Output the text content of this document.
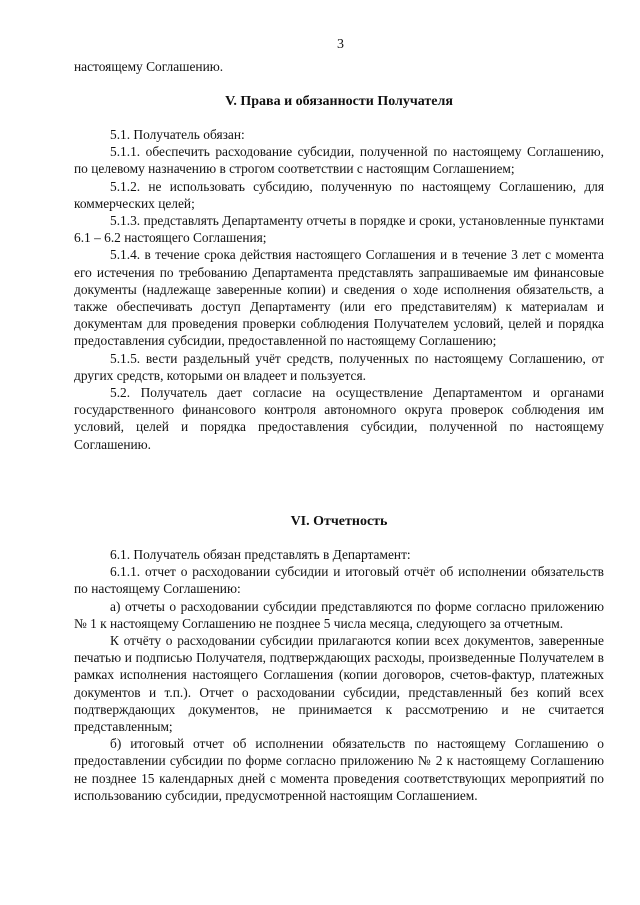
3

настоящему Соглашению.

V. Права и обязанности Получателя

5.1. Получатель обязан:

5.1.1. обеспечить расходование субсидии, полученной по настоящему Соглашению, по целевому назначению в строгом соответствии с настоящим Соглашением;

5.1.2. не использовать субсидию, полученную по настоящему Соглашению, для коммерческих целей;

5.1.3. представлять Департаменту отчеты в порядке и сроки, установленные пунктами 6.1 – 6.2 настоящего Соглашения;

5.1.4. в течение срока действия настоящего Соглашения и в течение 3 лет с момента его истечения по требованию Департамента представлять запрашиваемые им финансовые документы (надлежаще заверенные копии) и сведения о ходе исполнения обязательств, а также обеспечивать доступ Департаменту (или его представителям) к материалам и документам для проведения проверки соблюдения Получателем условий, целей и порядка предоставления субсидии, предоставленной по настоящему Соглашению;

5.1.5. вести раздельный учёт средств, полученных по настоящему Соглашению, от других средств, которыми он владеет и пользуется.

5.2. Получатель дает согласие на осуществление Департаментом и органами государственного финансового контроля автономного округа проверок соблюдения им условий, целей и порядка предоставления субсидии, полученной по настоящему Соглашению.

VI. Отчетность

6.1. Получатель обязан представлять в Департамент:

6.1.1. отчет о расходовании субсидии и итоговый отчёт об исполнении обязательств по настоящему Соглашению:

а) отчеты о расходовании субсидии представляются по форме согласно приложению № 1 к настоящему Соглашению не позднее 5 числа месяца, следующего за отчетным.

К отчёту о расходовании субсидии прилагаются копии всех документов, заверенные печатью и подписью Получателя, подтверждающих расходы, произведенные Получателем в рамках исполнения настоящего Соглашения (копии договоров, счетов-фактур, платежных документов и т.п.). Отчет о расходовании субсидии, представленный без копий всех подтверждающих документов, не принимается к рассмотрению и не считается представленным;

б) итоговый отчет об исполнении обязательств по настоящему Соглашению о предоставлении субсидии по форме согласно приложению № 2 к настоящему Соглашению не позднее 15 календарных дней с момента проведения соответствующих мероприятий по использованию субсидии, предусмотренной настоящим Соглашением.
